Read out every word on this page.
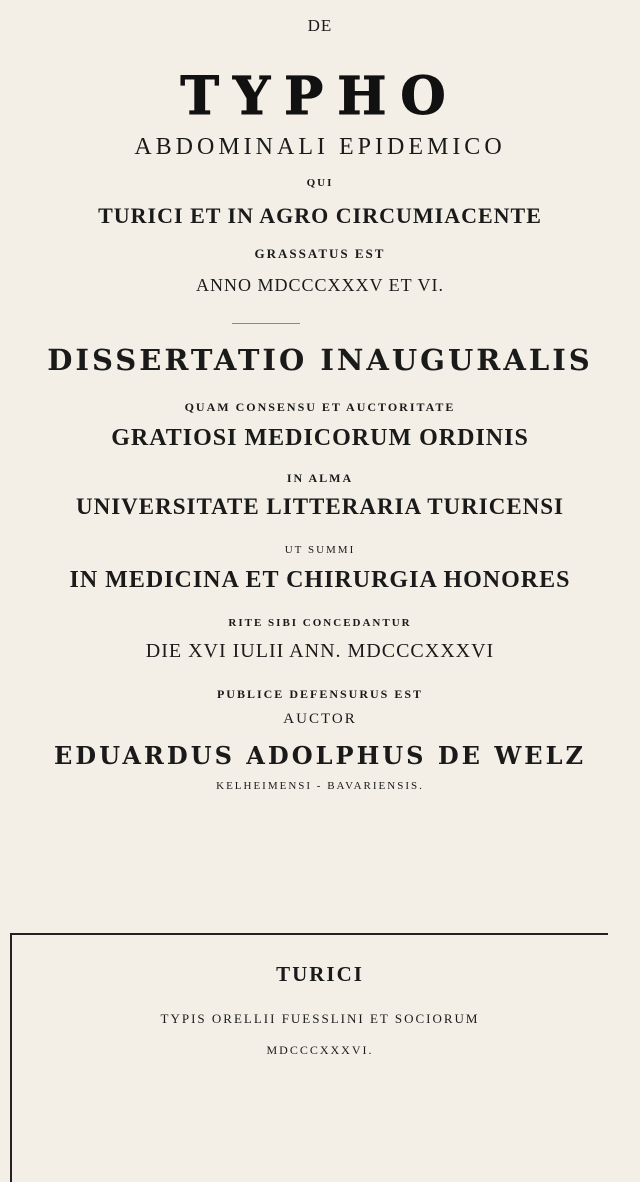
DE
TYPHO
ABDOMINALI EPIDEMICO
QUI
TURICI ET IN AGRO CIRCUMIACENTE
GRASSATUS EST
ANNO MDCCCXXXV ET VI.
DISSERTATIO INAUGURALIS
QUAM CONSENSU ET AUCTORITATE
GRATIOSI MEDICORUM ORDINIS
IN ALMA
UNIVERSITATE LITTERARIA TURICENSI
UT SUMMI
IN MEDICINA ET CHIRURGIA HONORES
RITE SIBI CONCEDANTUR
DIE XVI IULII ANN. MDCCCXXXVI
PUBLICE DEFENSURUS EST
AUCTOR
EDUARDUS ADOLPHUS DE WELZ
KELHEIMENSI - BAVARIENSIS.
TURICI
TYPIS ORELLII FUESSLINI ET SOCIORUM
MDCCCXXXVI.
